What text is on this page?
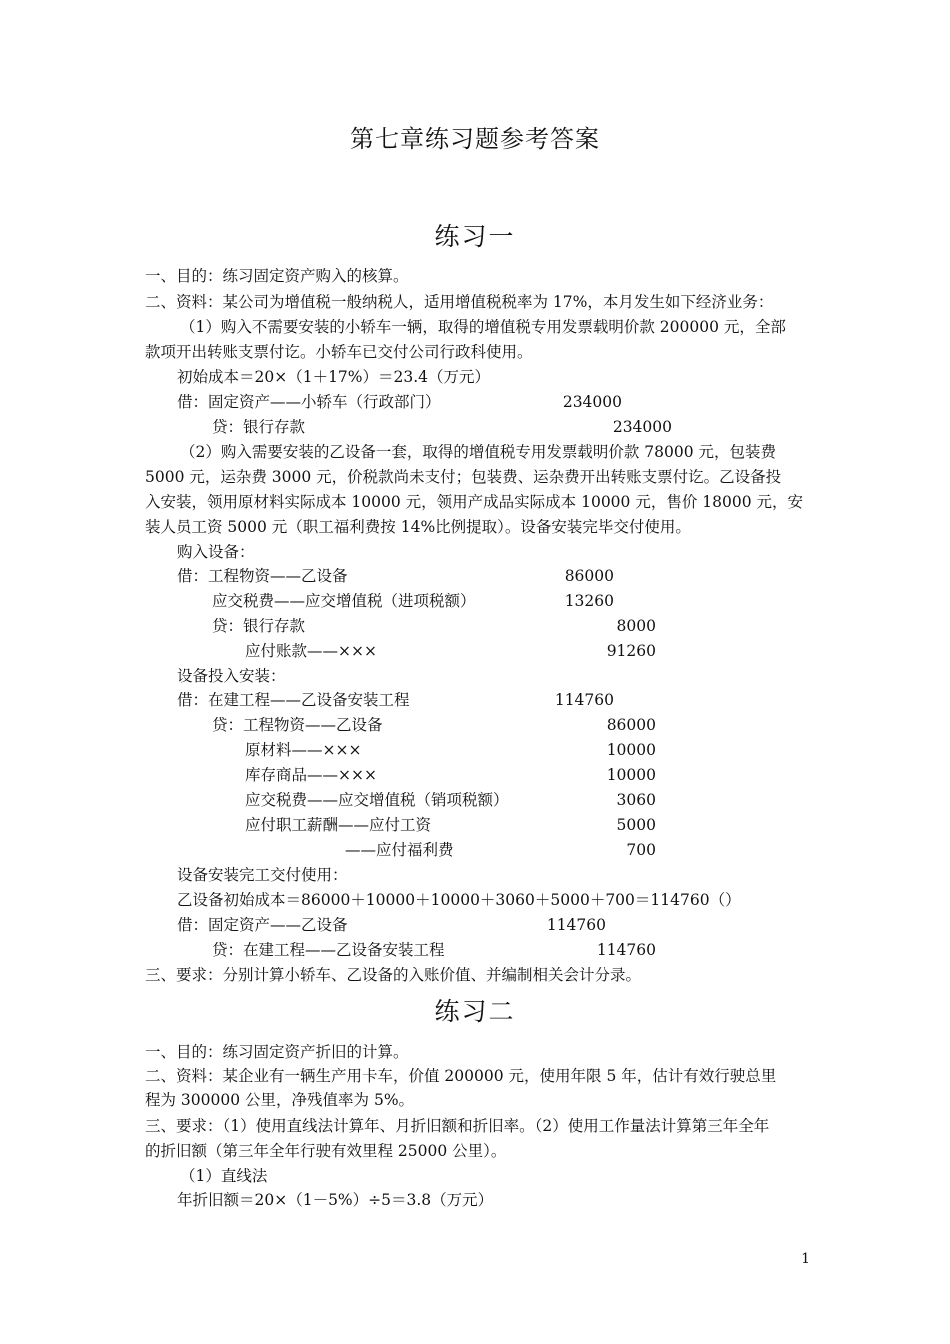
第七章练习题参考答案
练习一
一、目的：练习固定资产购入的核算。
二、资料：某公司为增值税一般纳税人，适用增值税税率为 17%，本月发生如下经济业务：
（1）购入不需要安装的小轿车一辆，取得的增值税专用发票载明价款 200000 元，全部
款项开出转账支票付讫。小轿车已交付公司行政科使用。
初始成本＝20×（1＋17%）＝23.4（万元）
借：固定资产——小轿车（行政部门）	234000
贷：银行存款	234000
（2）购入需要安装的乙设备一套，取得的增值税专用发票载明价款 78000 元，包装费
5000 元，运杂费 3000 元，价税款尚未支付；包装费、运杂费开出转账支票付讫。乙设备投
入安装，领用原材料实际成本 10000 元，领用产成品实际成本 10000 元，售价 18000 元，安
装人员工资 5000 元（职工福利费按 14%比例提取）。设备安装完毕交付使用。
购入设备：
借：工程物资——乙设备	86000
应交税费——应交增值税（进项税额）	13260
贷：银行存款	8000
应付账款——×××	91260
设备投入安装：
借：在建工程——乙设备安装工程	114760
贷：工程物资——乙设备	86000
原材料——×××	10000
库存商品——×××	10000
应交税费——应交增值税（销项税额）	3060
应付职工薪酬——应付工资	5000
——应付福利费	700
设备安装完工交付使用：
乙设备初始成本＝86000＋10000＋10000＋3060＋5000＋700＝114760（）
借：固定资产——乙设备	114760
贷：在建工程——乙设备安装工程	114760
三、要求：分别计算小轿车、乙设备的入账价值、并编制相关会计分录。
练习二
一、目的：练习固定资产折旧的计算。
二、资料：某企业有一辆生产用卡车，价值 200000 元，使用年限 5 年，估计有效行驶总里
程为 300000 公里，净残值率为 5%。
三、要求：（1）使用直线法计算年、月折旧额和折旧率。（2）使用工作量法计算第三年全年
的折旧额（第三年全年行驶有效里程 25000 公里）。
（1）直线法
年折旧额＝20×（1－5%）÷5＝3.8（万元）
1
